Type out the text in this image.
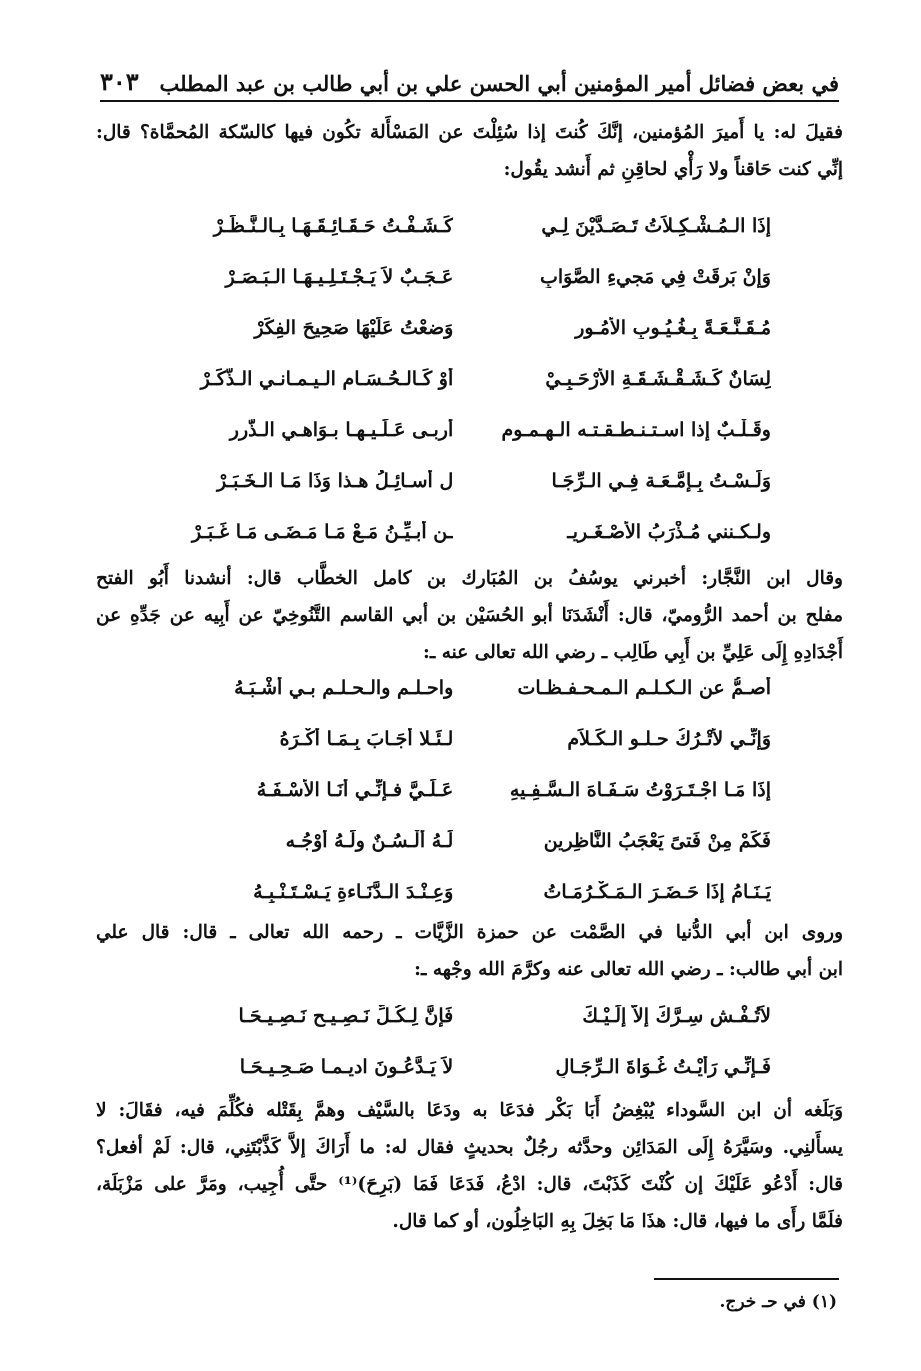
في بعض فضائل أمير المؤمنين أبي الحسن علي بن أبي طالب بن عبد المطلب
٣٠٣
فقيلَ له: يا أَميرَ المُؤمنين، إنَّكَ كُنتَ إذا سُئِلْتَ عن المَسْأَلة تكُون فيها كالسّكة المُحمَّاة؟ قال:
إنِّي كنت حَاقناً ولا رَأْي لحاقِنِ ثم أَنشد يقُول:
إذَا الـمُـشْـكِـلاَتُ تَـصَـدَّيْنَ لِـي
كَـشَـفْـتُ حَـقَـائِـقَـهَـا بِـالـنَّـظَـرْ
وَإِنْ بَرقَتْ فِي مَجيءِ الصَّوَابِ
عَـجَـبٌ لاَ يَـجْـتَـلِـيـهَـا الـبَـصَـرْ
مُـقَـنَّـعَـةً بِـغُـيُـوبِ الأُمُـور
وَضعْتُ عَلَيْهَا صَحِيحَ الفِكَرْ
لِسَانٌ كَـشَـقْـشَـقَـةِ الأَرْحَـبِـيْ
أَوْ كَـالـحُـسَـامِ الـيـمـانـي الـذَّكَـرْ
وقَـلْـبٌ إذا اسـتـنـطـقـتـه الـهـمـوم
أربـى عَـلَـيـهـا بـوَاهـي الـذّرر
وَلَـسْـتُ بِـإمَّـعَـة فِـي الـرِّجَـا
ل أسـائِـلُ هـذا وَذَا مَـا الـخَـبَـرْ
ولـكـنني مُـذْرَبُ الأَصْـغَـريـ
ـن أُبـيِّـنُ مَـعْ مَـا مَـضَـى مَـا غَـبَـرْ
وقال ابن النَّجَّار: أخبرني يوسُفُ بن المُبَارك بن كامل الخطَّاب قال: أنشدنا أَبُو الفتح
مفلح بن أحمد الرُّوميّ، قال: أَنْشَدَنَا أبو الحُسَيْن بن أبي القاسم التَّنُوخِيّ عن أَبِيه عن جَدِّهِ عن
أَجْدَادِهِ إِلَى عَلِيِّ بن أَبِي طَالِب ـ رضي الله تعالى عنه ـ:
أَصـمُّ عن الـكـلـم الـمـحـفـظـات
واحـلـم والـحـلـم بـي أَشْـبَـهُ
وَإِنِّـي لأَتْـرُكُ حـلـو الـكَـلاَمِ
لـئَـلا أُجَـابَ بِـمَـا أَكْـرَهُ
إذَا مَـا اجْـتَـرَوْتُ سَـفَـاهَ الـسَّـفِـيهِ
عَـلَـيَّ فـإِنِّـي أَنَـا الأَسْـفَـهُ
فَكَمْ مِنْ فَتىً يَعْجَبُ النَّاظِرين
لَـهُ أَلْـسُـنٌ ولَـهُ أَوْجُـه
يَـنَـامُ إذَا حَـضَـرَ الـمَـكْـرُمَـاتُ
وَعِـنْـدَ الـدَّنَـاءةِ يَـسْـتَـنْـبِـهُ
وروى ابن أبي الدُّنيا في الصَّمْت عن حمزة الزَّيَّات ـ رحمه الله تعالى ـ قال: قال علي
ابن أبي طالب: ـ رضي الله تعالى عنه وكرَّمَ الله وجْهه ـ:
لاَتُـفْـشِ سِـرَّكَ إلاَّ إلَـيْـكَ
فَإِنَّ لِـكُـلِّ نَـصِـيـحٍ نَـصِـيـحَـا
فَـإِنِّـي رَأَيْـتُ غُـوَاةَ الـرِّجَـالِ
لاَ يَـدَّعُـونَ اديـمـا صَـحِـيـحَـا
وَبَلَغه أن ابن السَّوداء يُبْغِضُ أَبَا بَكْر فدَعَا به ودَعَا بالسَّيْف وهمَّ بِقَتْله فكُلِّمَ فيه، فقَالَ: لا
يسأَلنِي. وسَيَّرَهُ إِلَى المَدَائِن وحدَّثه رجُلٌ بحديثٍ فقال له: ما أَرَاكَ إلاَّ كَذَّبْتَنِي، قال: لَمْ أفعل؟
قال: أَدْعُو عَلَيْكَ إن كُنْتَ كَذَبْتَ، قال: ادْعُ، فَدَعَا فَمَا (بَرِحَ)⁽¹⁾ حتَّى أُجِيب، ومَرَّ على مَزْبَلَة،
فلَمَّا رأَى ما فيها، قال: هذَا مَا بَخِلَ بِهِ البَاخِلُون، أو كما قال.
(١) في حـ خرج.
